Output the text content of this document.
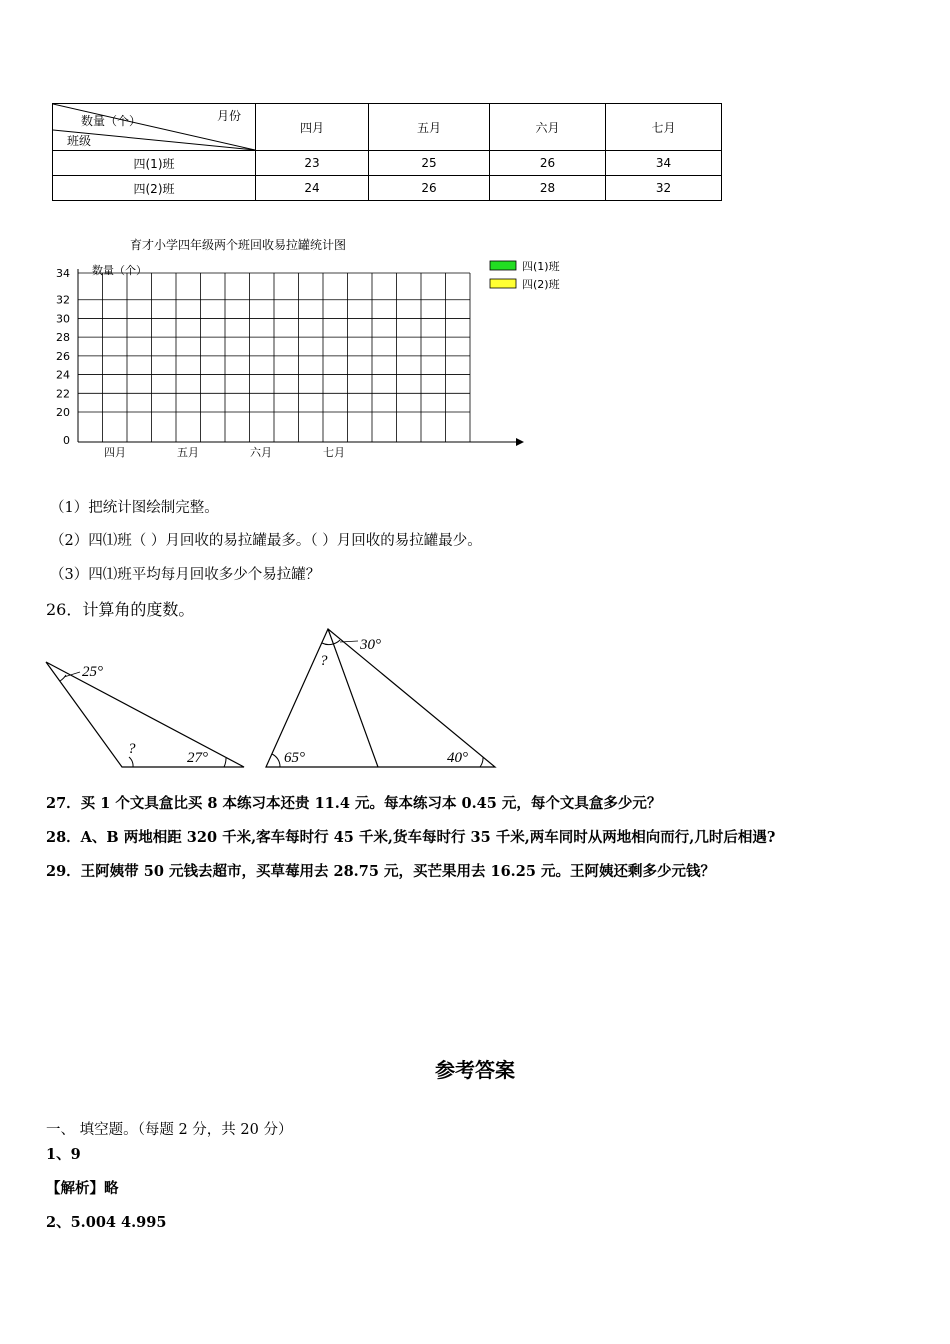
月份
数量（个）
班级	四月	五月	六月	七月
四(1)班	23	25	26	34
四(2)班	24	26	28	32
育才小学四年级两个班回收易拉罐统计图
数量（个）
34
32
30
28
26
24
22
20
0
四月	五月	六月	七月
四(1)班
四(2)班
（1）把统计图绘制完整。
（2）四⑴班（ ）月回收的易拉罐最多。（ ）月回收的易拉罐最少。
（3）四⑴班平均每月回收多少个易拉罐？
26．计算角的度数。
25°
?
27°
30°
?
65°	40°
27．买 1 个文具盒比买 8 本练习本还贵 11.4 元。每本练习本 0.45 元，每个文具盒多少元？
28．A、B 两地相距 320 千米,客车每时行 45 千米,货车每时行 35 千米,两车同时从两地相向而行,几时后相遇?
29．王阿姨带 50 元钱去超市，买草莓用去 28.75 元，买芒果用去 16.25 元。王阿姨还剩多少元钱？
参考答案
一、 填空题。（每题 2 分，共 20 分）
1、9
【解析】略
2、5.004 4.995
